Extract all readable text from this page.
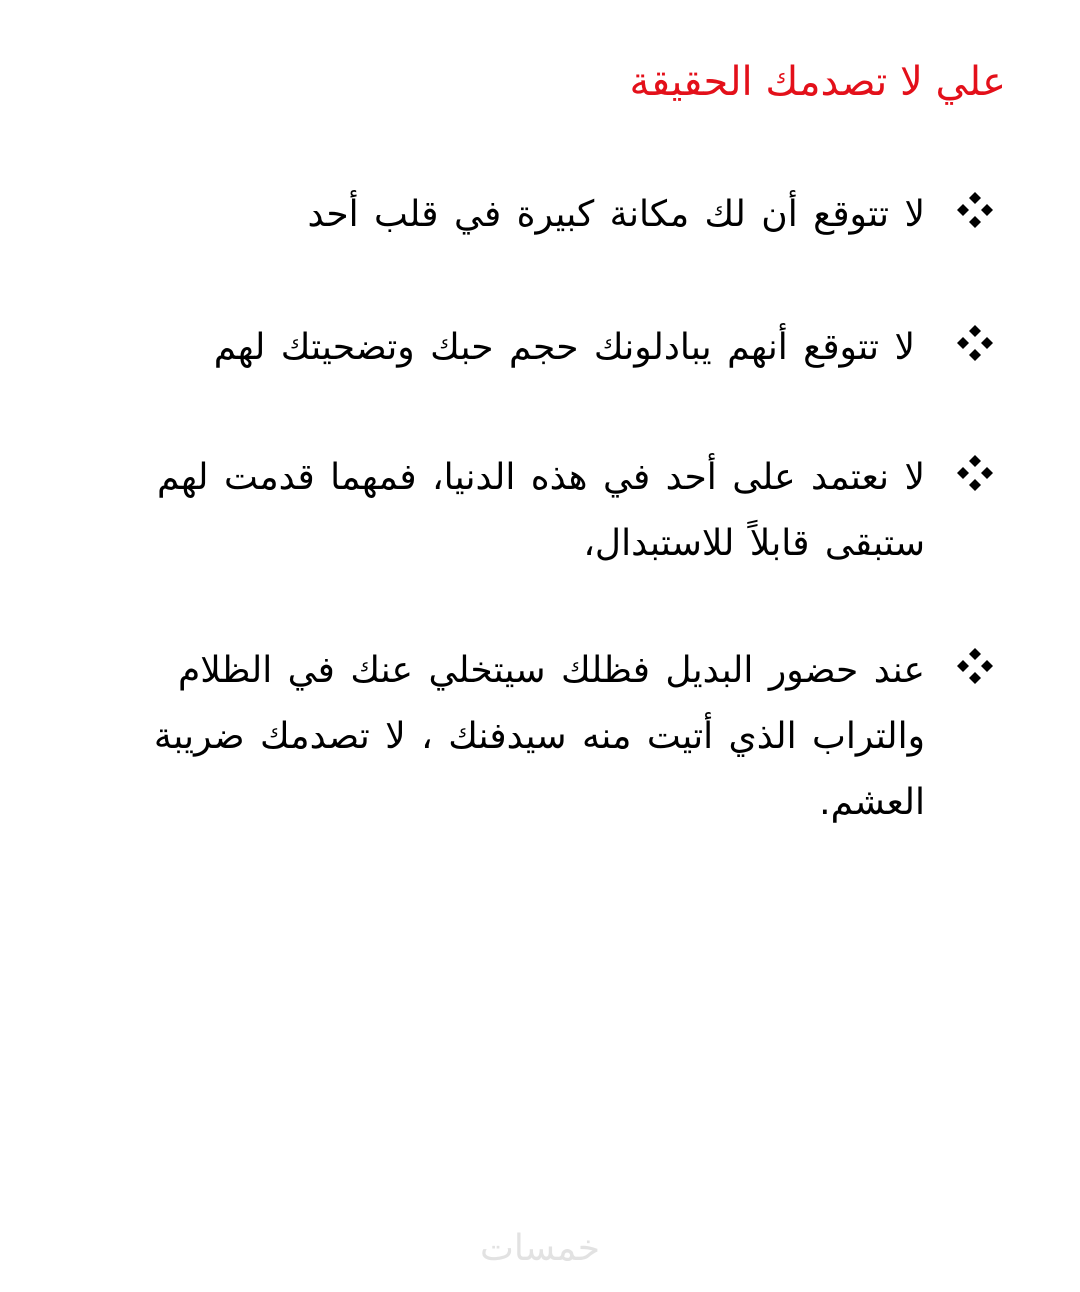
علي لا تصدمك الحقيقة

لا تتوقع أن لك مكانة كبيرة في قلب أحد

لا تتوقع أنهم يبادلونك حجم حبك وتضحيتك لهم

لا نعتمد على أحد في هذه الدنيا، فمهما قدمت لهم ستبقى قابلاً للاستبدال،

عند حضور البديل فظلك سيتخلي عنك في الظلام والتراب الذي أتيت منه سيدفنك ، لا تصدمك ضريبة العشم.

خمسات
